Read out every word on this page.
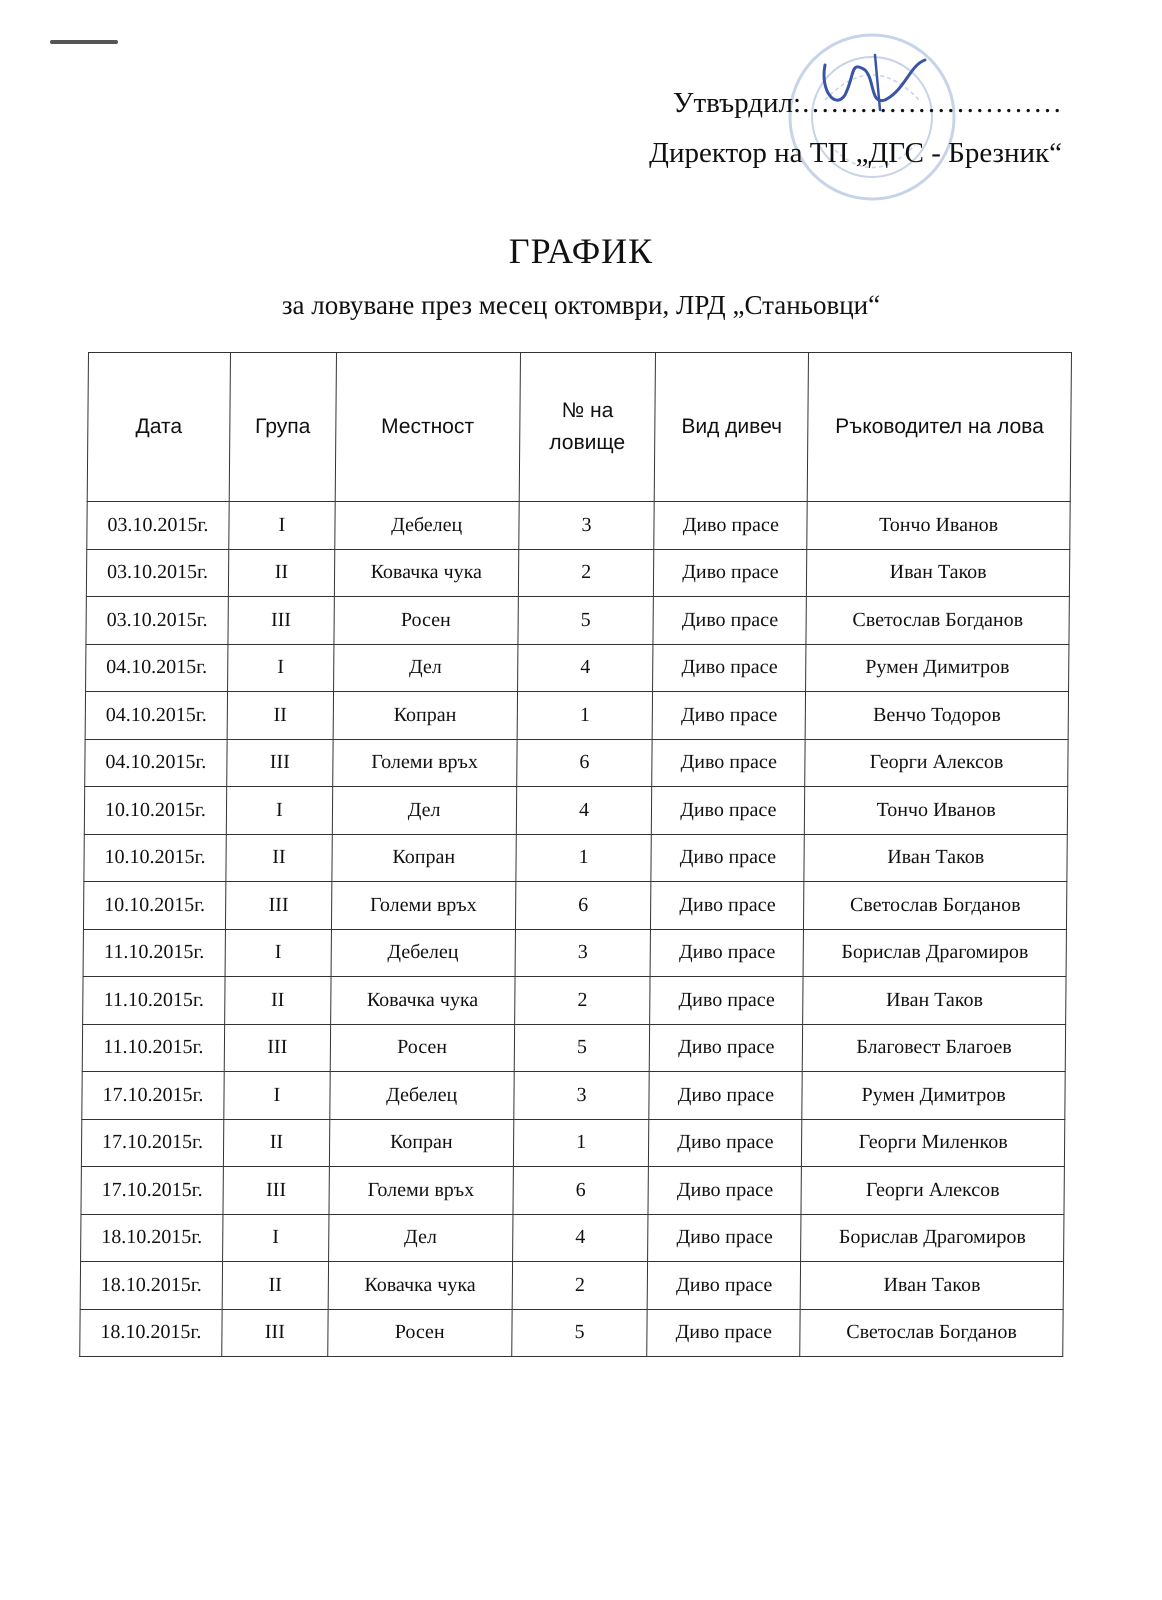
Утвърдил:………………………
Директор на ТП „ДГС - Брезник“
ГРАФИК
за ловуване през месец октомври, ЛРД „Станьовци“
Дата	Група	Местност	№ на ловище	Вид дивеч	Ръководител на лова
03.10.2015г.	I	Дебелец	3	Диво прасе	Тончо Иванов
03.10.2015г.	II	Ковачка чука	2	Диво прасе	Иван Таков
03.10.2015г.	III	Росен	5	Диво прасе	Светослав Богданов
04.10.2015г.	I	Дел	4	Диво прасе	Румен Димитров
04.10.2015г.	II	Копран	1	Диво прасе	Венчо Тодоров
04.10.2015г.	III	Големи връх	6	Диво прасе	Георги Алексов
10.10.2015г.	I	Дел	4	Диво прасе	Тончо Иванов
10.10.2015г.	II	Копран	1	Диво прасе	Иван Таков
10.10.2015г.	III	Големи връх	6	Диво прасе	Светослав Богданов
11.10.2015г.	I	Дебелец	3	Диво прасе	Борислав Драгомиров
11.10.2015г.	II	Ковачка чука	2	Диво прасе	Иван Таков
11.10.2015г.	III	Росен	5	Диво прасе	Благовест Благоев
17.10.2015г.	I	Дебелец	3	Диво прасе	Румен Димитров
17.10.2015г.	II	Копран	1	Диво прасе	Георги Миленков
17.10.2015г.	III	Големи връх	6	Диво прасе	Георги Алексов
18.10.2015г.	I	Дел	4	Диво прасе	Борислав Драгомиров
18.10.2015г.	II	Ковачка чука	2	Диво прасе	Иван Таков
18.10.2015г.	III	Росен	5	Диво прасе	Светослав Богданов
